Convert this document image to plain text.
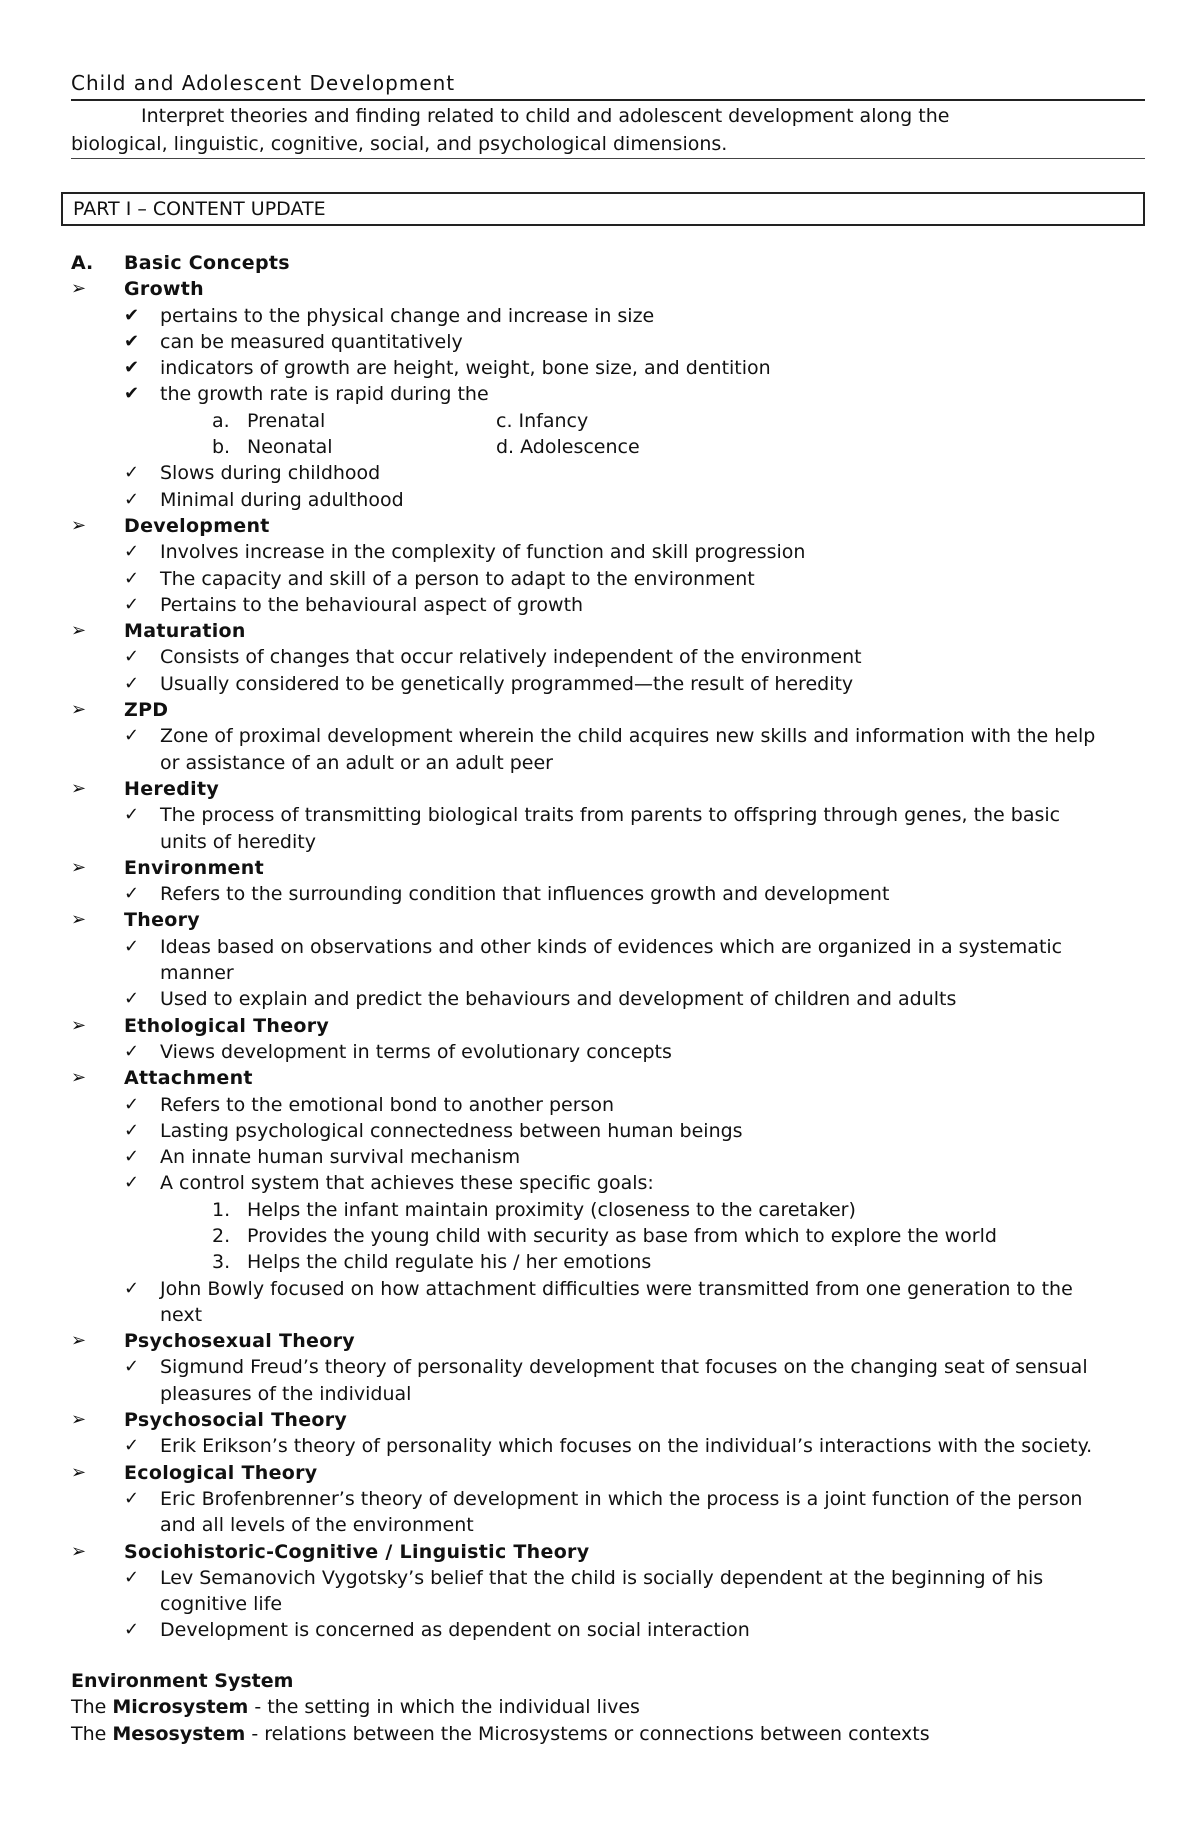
Child and Adolescent Development
Interpret theories and finding related to child and adolescent development along the
biological, linguistic, cognitive, social, and psychological dimensions.
PART I – CONTENT UPDATE
A. Basic Concepts
➢ Growth
✔ pertains to the physical change and increase in size
✔ can be measured quantitatively
✔ indicators of growth are height, weight, bone size, and dentition
✔ the growth rate is rapid during the
a. Prenatal	c. Infancy
b. Neonatal	d. Adolescence
✓ Slows during childhood
✓ Minimal during adulthood
➢ Development
✓ Involves increase in the complexity of function and skill progression
✓ The capacity and skill of a person to adapt to the environment
✓ Pertains to the behavioural aspect of growth
➢ Maturation
✓ Consists of changes that occur relatively independent of the environment
✓ Usually considered to be genetically programmed—the result of heredity
➢ ZPD
✓ Zone of proximal development wherein the child acquires new skills and information with the help
or assistance of an adult or an adult peer
➢ Heredity
✓ The process of transmitting biological traits from parents to offspring through genes, the basic
units of heredity
➢ Environment
✓ Refers to the surrounding condition that influences growth and development
➢ Theory
✓ Ideas based on observations and other kinds of evidences which are organized in a systematic
manner
✓ Used to explain and predict the behaviours and development of children and adults
➢ Ethological Theory
✓ Views development in terms of evolutionary concepts
➢ Attachment
✓ Refers to the emotional bond to another person
✓ Lasting psychological connectedness between human beings
✓ An innate human survival mechanism
✓ A control system that achieves these specific goals:
1. Helps the infant maintain proximity (closeness to the caretaker)
2. Provides the young child with security as base from which to explore the world
3. Helps the child regulate his / her emotions
✓ John Bowly focused on how attachment difficulties were transmitted from one generation to the
next
➢ Psychosexual Theory
✓ Sigmund Freud’s theory of personality development that focuses on the changing seat of sensual
pleasures of the individual
➢ Psychosocial Theory
✓ Erik Erikson’s theory of personality which focuses on the individual’s interactions with the society.
➢ Ecological Theory
✓ Eric Brofenbrenner’s theory of development in which the process is a joint function of the person
and all levels of the environment
➢ Sociohistoric-Cognitive / Linguistic Theory
✓ Lev Semanovich Vygotsky’s belief that the child is socially dependent at the beginning of his
cognitive life
✓ Development is concerned as dependent on social interaction
Environment System
The Microsystem - the setting in which the individual lives
The Mesosystem - relations between the Microsystems or connections between contexts
